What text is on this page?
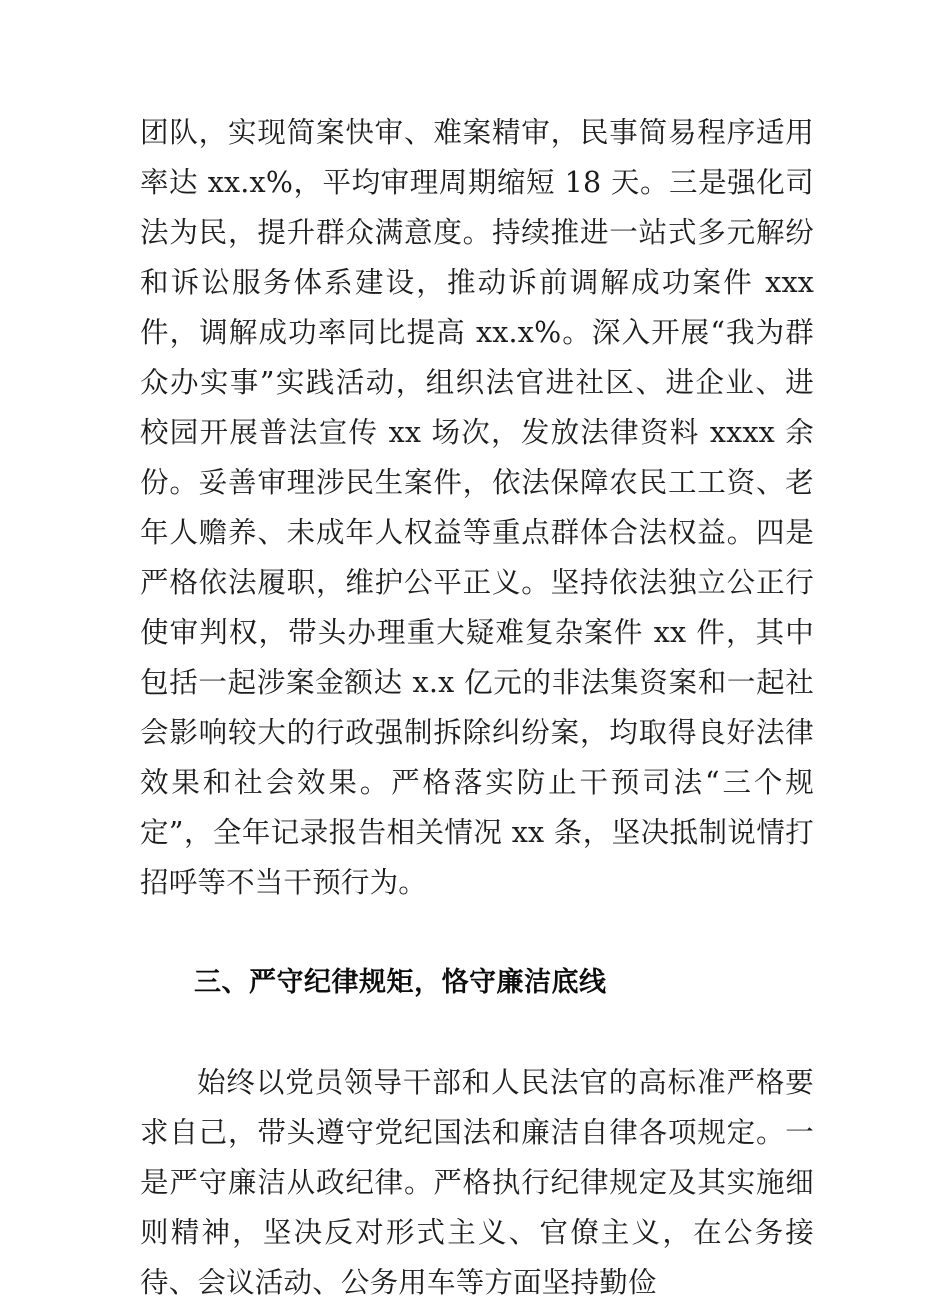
团队，实现简案快审、难案精审，民事简易程序适用率达 xx.x%，平均审理周期缩短 18 天。三是强化司法为民，提升群众满意度。持续推进一站式多元解纷和诉讼服务体系建设，推动诉前调解成功案件 xxx 件，调解成功率同比提高 xx.x%。深入开展“我为群众办实事”实践活动，组织法官进社区、进企业、进校园开展普法宣传 xx 场次，发放法律资料 xxxx 余份。妥善审理涉民生案件，依法保障农民工工资、老年人赡养、未成年人权益等重点群体合法权益。四是严格依法履职，维护公平正义。坚持依法独立公正行使审判权，带头办理重大疑难复杂案件 xx 件，其中包括一起涉案金额达 x.x 亿元的非法集资案和一起社会影响较大的行政强制拆除纠纷案，均取得良好法律效果和社会效果。严格落实防止干预司法“三个规定”，全年记录报告相关情况 xx 条，坚决抵制说情打招呼等不当干预行为。

三、严守纪律规矩，恪守廉洁底线

始终以党员领导干部和人民法官的高标准严格要求自己，带头遵守党纪国法和廉洁自律各项规定。一是严守廉洁从政纪律。严格执行纪律规定及其实施细则精神，坚决反对形式主义、官僚主义，在公务接待、会议活动、公务用车等方面坚持勤俭
